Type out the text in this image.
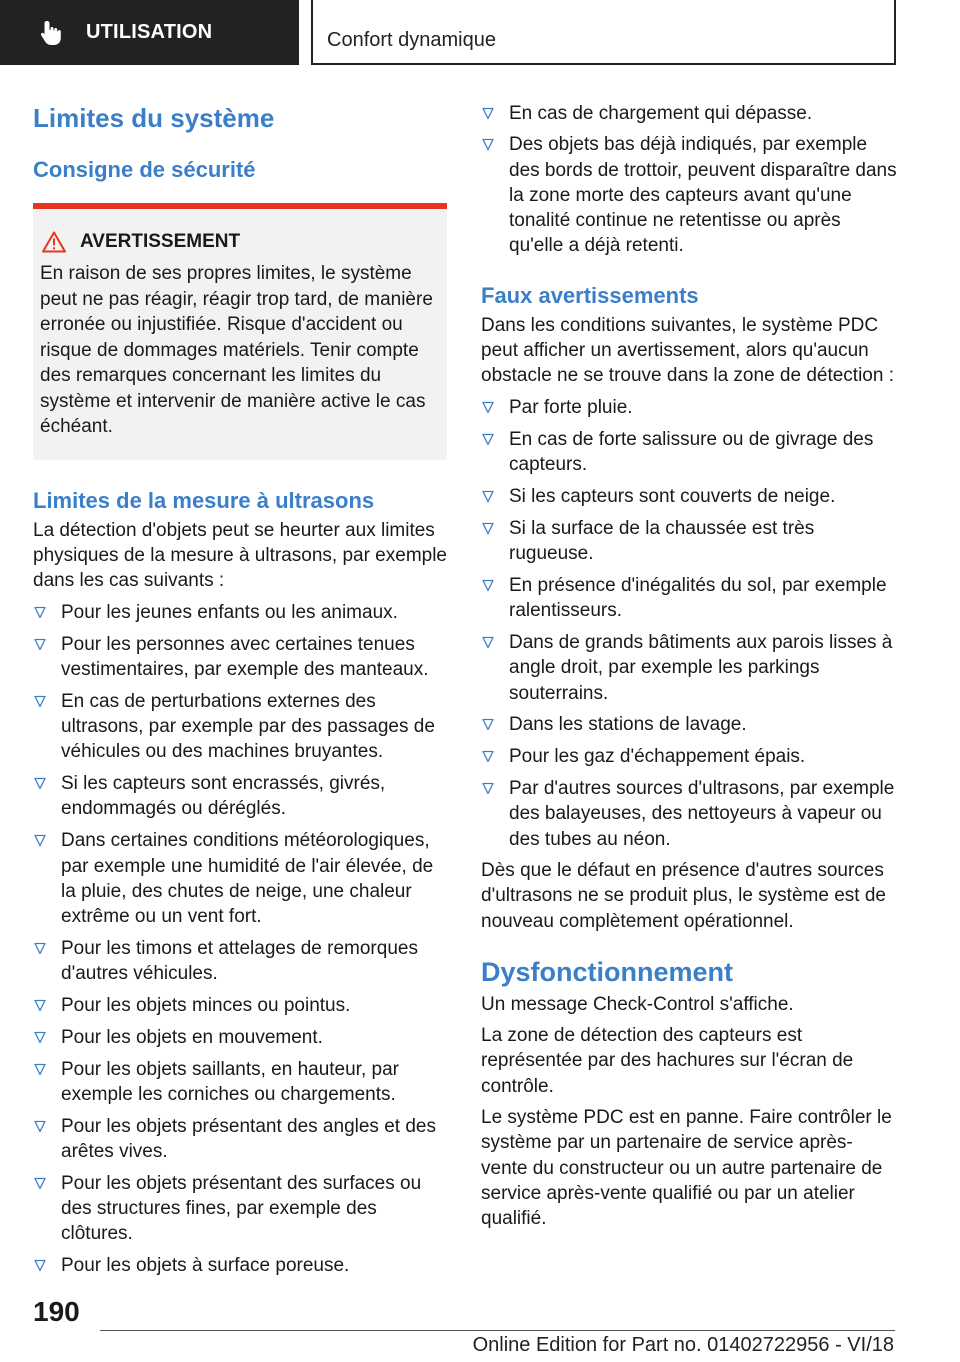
UTILISATION	Confort dynamique
Limites du système
Consigne de sécurité
AVERTISSEMENT
En raison de ses propres limites, le système peut ne pas réagir, réagir trop tard, de manière erronée ou injustifiée. Risque d'accident ou risque de dommages matériels. Tenir compte des remarques concernant les limites du système et intervenir de manière active le cas échéant.
Limites de la mesure à ultrasons
La détection d'objets peut se heurter aux limites physiques de la mesure à ultrasons, par exemple dans les cas suivants :
Pour les jeunes enfants ou les animaux.
Pour les personnes avec certaines tenues vestimentaires, par exemple des manteaux.
En cas de perturbations externes des ultrasons, par exemple par des passages de véhicules ou des machines bruyantes.
Si les capteurs sont encrassés, givrés, endommagés ou déréglés.
Dans certaines conditions météorologiques, par exemple une humidité de l'air élevée, de la pluie, des chutes de neige, une chaleur extrême ou un vent fort.
Pour les timons et attelages de remorques d'autres véhicules.
Pour les objets minces ou pointus.
Pour les objets en mouvement.
Pour les objets saillants, en hauteur, par exemple les corniches ou chargements.
Pour les objets présentant des angles et des arêtes vives.
Pour les objets présentant des surfaces ou des structures fines, par exemple des clôtures.
Pour les objets à surface poreuse.
En cas de chargement qui dépasse.
Des objets bas déjà indiqués, par exemple des bords de trottoir, peuvent disparaître dans la zone morte des capteurs avant qu'une tonalité continue ne retentisse ou après qu'elle a déjà retenti.
Faux avertissements
Dans les conditions suivantes, le système PDC peut afficher un avertissement, alors qu'aucun obstacle ne se trouve dans la zone de détection :
Par forte pluie.
En cas de forte salissure ou de givrage des capteurs.
Si les capteurs sont couverts de neige.
Si la surface de la chaussée est très rugueuse.
En présence d'inégalités du sol, par exemple ralentisseurs.
Dans de grands bâtiments aux parois lisses à angle droit, par exemple les parkings souterrains.
Dans les stations de lavage.
Pour les gaz d'échappement épais.
Par d'autres sources d'ultrasons, par exemple des balayeuses, des nettoyeurs à vapeur ou des tubes au néon.
Dès que le défaut en présence d'autres sources d'ultrasons ne se produit plus, le système est de nouveau complètement opérationnel.
Dysfonctionnement
Un message Check-Control s'affiche.
La zone de détection des capteurs est représentée par des hachures sur l'écran de contrôle.
Le système PDC est en panne. Faire contrôler le système par un partenaire de service après-vente du constructeur ou un autre partenaire de service après-vente qualifié ou par un atelier qualifié.
190
Online Edition for Part no. 01402722956 - VI/18
